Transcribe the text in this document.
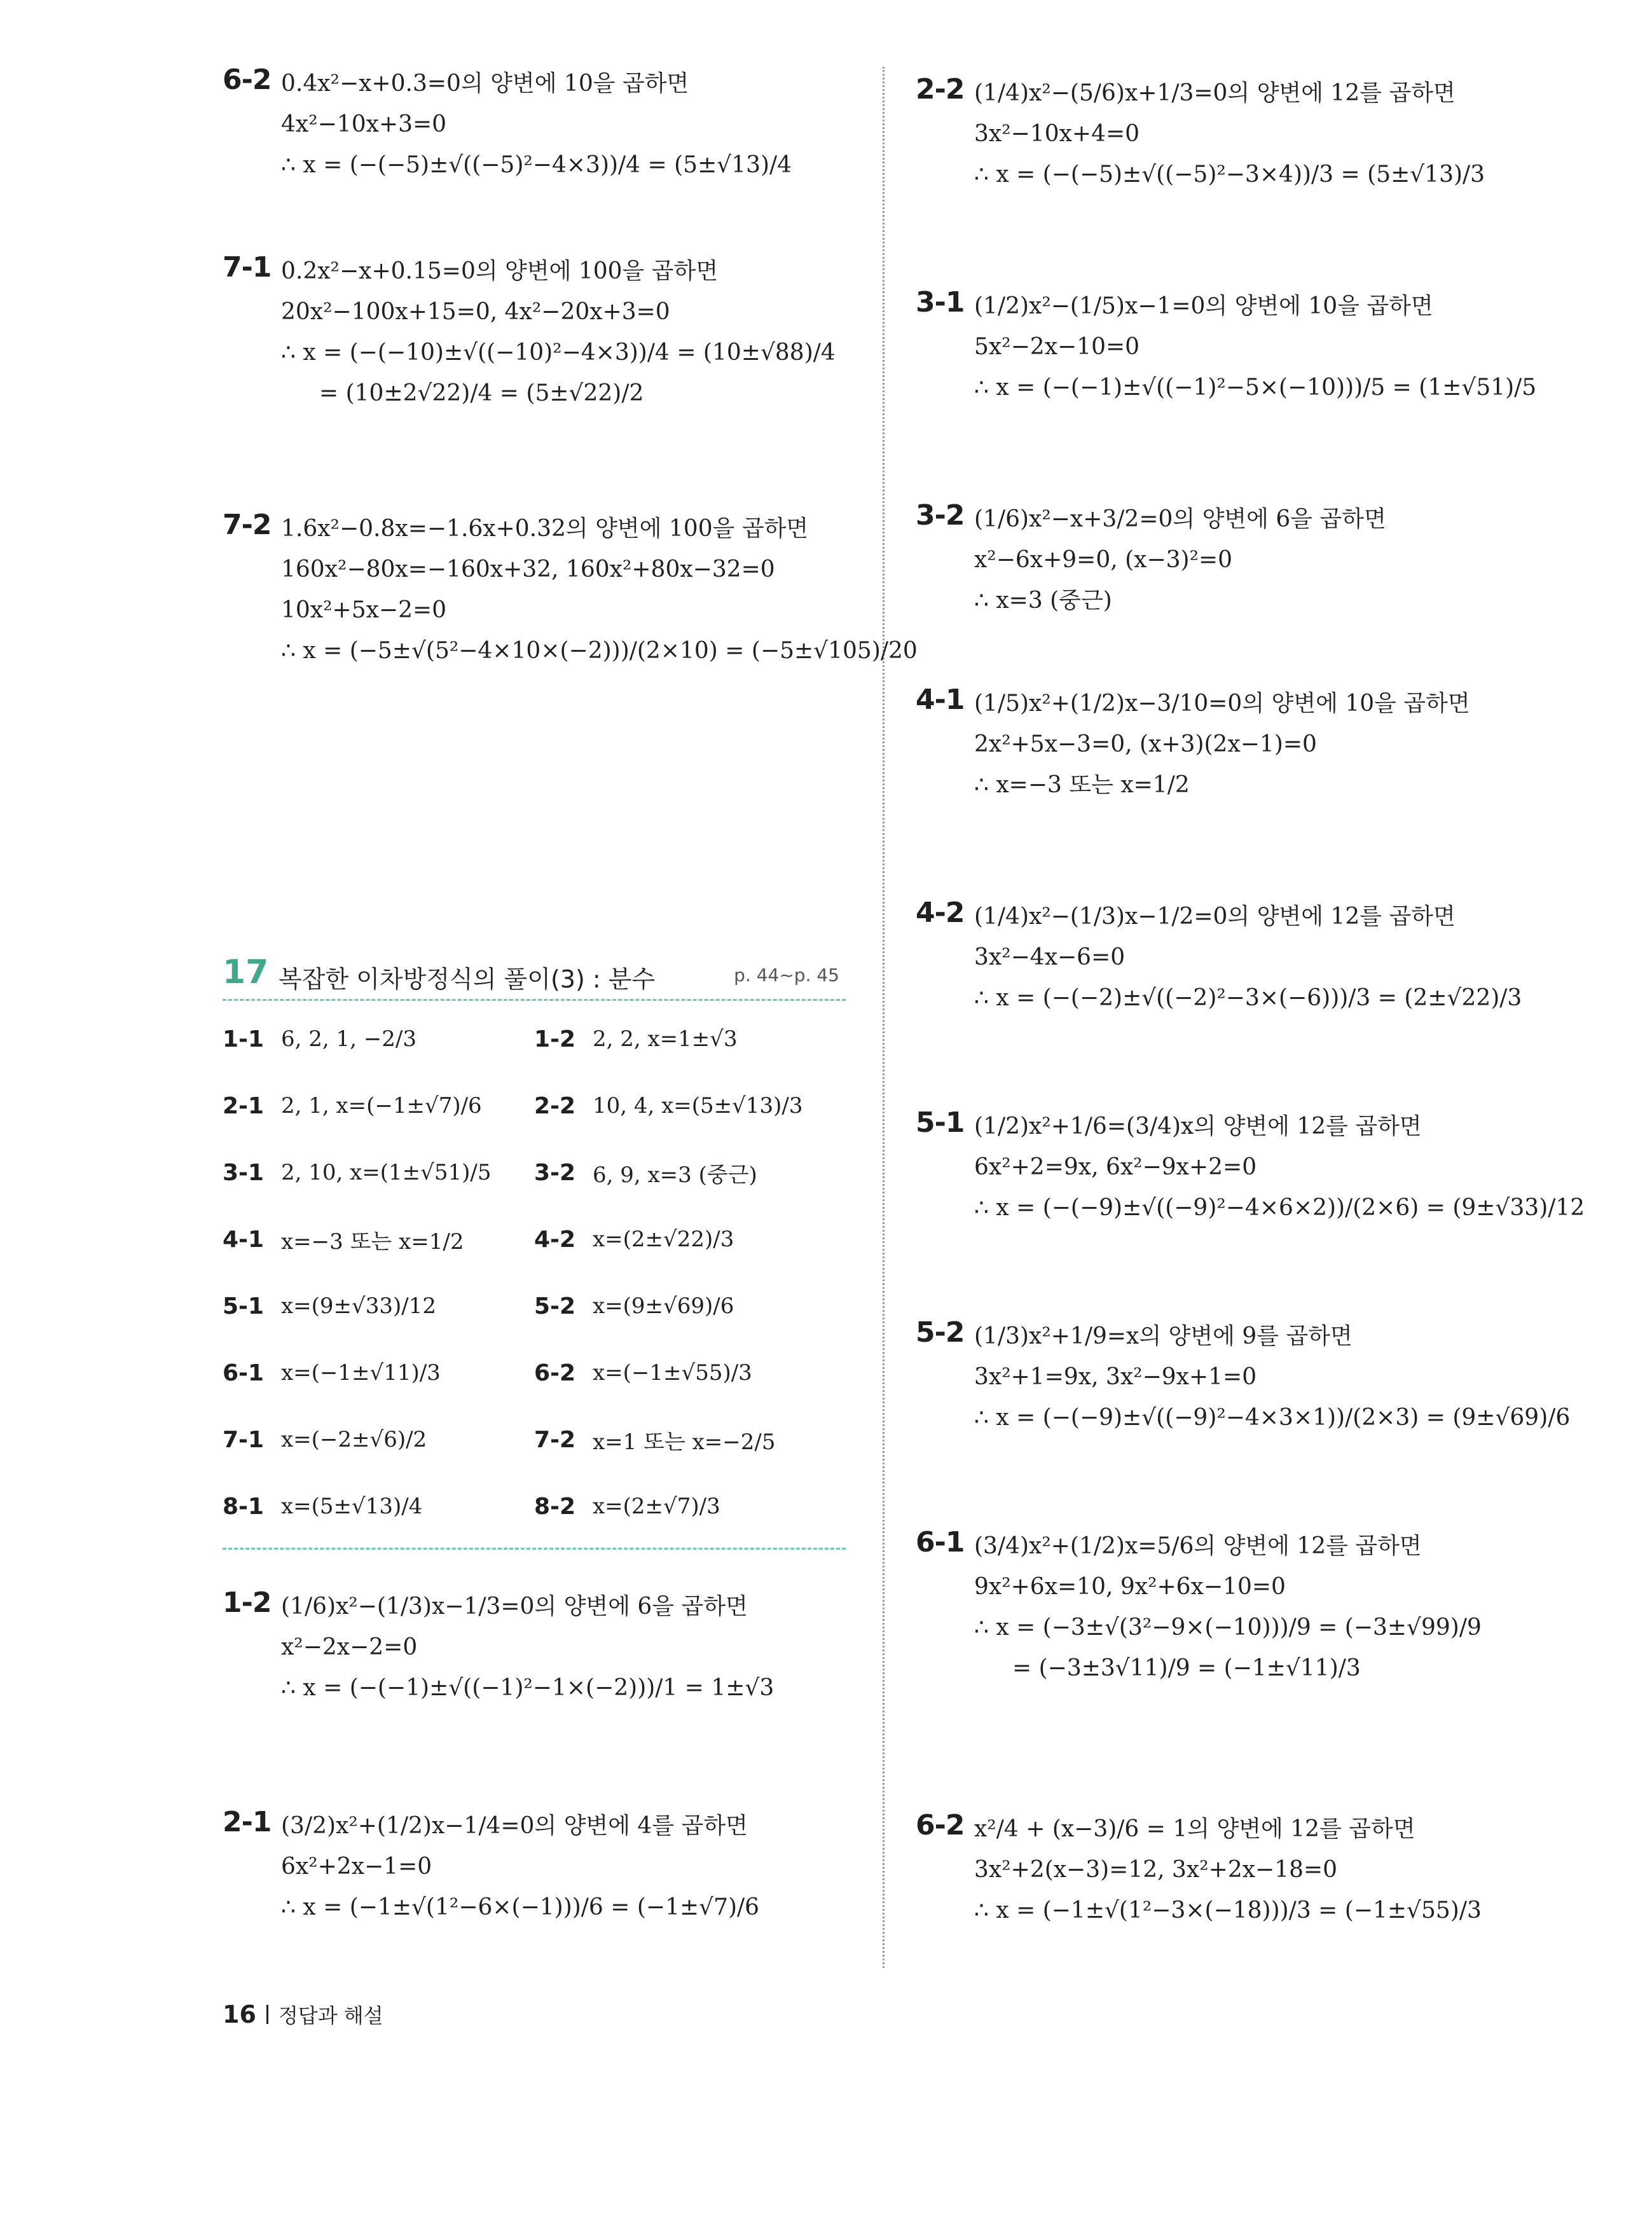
6-2 0.4x²−x+0.3=0의 양변에 10을 곱하면
4x²−10x+3=0
∴ x = (−(−5)±√((−5)²−4×3))/4 = (5±√13)/4
7-1 0.2x²−x+0.15=0의 양변에 100을 곱하면
20x²−100x+15=0, 4x²−20x+3=0
∴ x = (−(−10)±√((−10)²−4×3))/4 = (10±√88)/4
= (10±2√22)/4 = (5±√22)/2
7-2 1.6x²−0.8x=−1.6x+0.32의 양변에 100을 곱하면
160x²−80x=−160x+32, 160x²+80x−32=0
10x²+5x−2=0
∴ x = (−5±√(5²−4×10×(−2)))/(2×10) = (−5±√105)/20
17 복잡한 이차방정식의 풀이(3) : 분수	p. 44~p. 45
1-1 6, 2, 1, −2/3	1-2 2, 2, x=1±√3
2-1 2, 1, x=(−1±√7)/6 2-2 10, 4, x=(5±√13)/3
3-1 2, 10, x=(1±√51)/5 3-2 6, 9, x=3 (중근)
4-1 x=−3 또는 x=1/2	4-2 x=(2±√22)/3
5-1 x=(9±√33)/12	5-2 x=(9±√69)/6
6-1 x=(−1±√11)/3	6-2 x=(−1±√55)/3
7-1 x=(−2±√6)/2	7-2 x=1 또는 x=−2/5
8-1 x=(5±√13)/4	8-2 x=(2±√7)/3
1-2 (1/6)x²−(1/3)x−1/3=0의 양변에 6을 곱하면
x²−2x−2=0
∴ x = (−(−1)±√((−1)²−1×(−2)))/1 = 1±√3
2-1 (3/2)x²+(1/2)x−1/4=0의 양변에 4를 곱하면
6x²+2x−1=0
∴ x = (−1±√(1²−6×(−1)))/6 = (−1±√7)/6
2-2 (1/4)x²−(5/6)x+1/3=0의 양변에 12를 곱하면
3x²−10x+4=0
∴ x = (−(−5)±√((−5)²−3×4))/3 = (5±√13)/3
3-1 (1/2)x²−(1/5)x−1=0의 양변에 10을 곱하면
5x²−2x−10=0
∴ x = (−(−1)±√((−1)²−5×(−10)))/5 = (1±√51)/5
3-2 (1/6)x²−x+3/2=0의 양변에 6을 곱하면
x²−6x+9=0, (x−3)²=0
∴ x=3 (중근)
4-1 (1/5)x²+(1/2)x−3/10=0의 양변에 10을 곱하면
2x²+5x−3=0, (x+3)(2x−1)=0
∴ x=−3 또는 x=1/2
4-2 (1/4)x²−(1/3)x−1/2=0의 양변에 12를 곱하면
3x²−4x−6=0
∴ x = (−(−2)±√((−2)²−3×(−6)))/3 = (2±√22)/3
5-1 (1/2)x²+1/6=(3/4)x의 양변에 12를 곱하면
6x²+2=9x, 6x²−9x+2=0
∴ x = (−(−9)±√((−9)²−4×6×2))/(2×6) = (9±√33)/12
5-2 (1/3)x²+1/9=x의 양변에 9를 곱하면
3x²+1=9x, 3x²−9x+1=0
∴ x = (−(−9)±√((−9)²−4×3×1))/(2×3) = (9±√69)/6
6-1 (3/4)x²+(1/2)x=5/6의 양변에 12를 곱하면
9x²+6x=10, 9x²+6x−10=0
∴ x = (−3±√(3²−9×(−10)))/9 = (−3±√99)/9
= (−3±3√11)/9 = (−1±√11)/3
6-2 x²/4 + (x−3)/6 = 1의 양변에 12를 곱하면
3x²+2(x−3)=12, 3x²+2x−18=0
∴ x = (−1±√(1²−3×(−18)))/3 = (−1±√55)/3
16 정답과 해설
